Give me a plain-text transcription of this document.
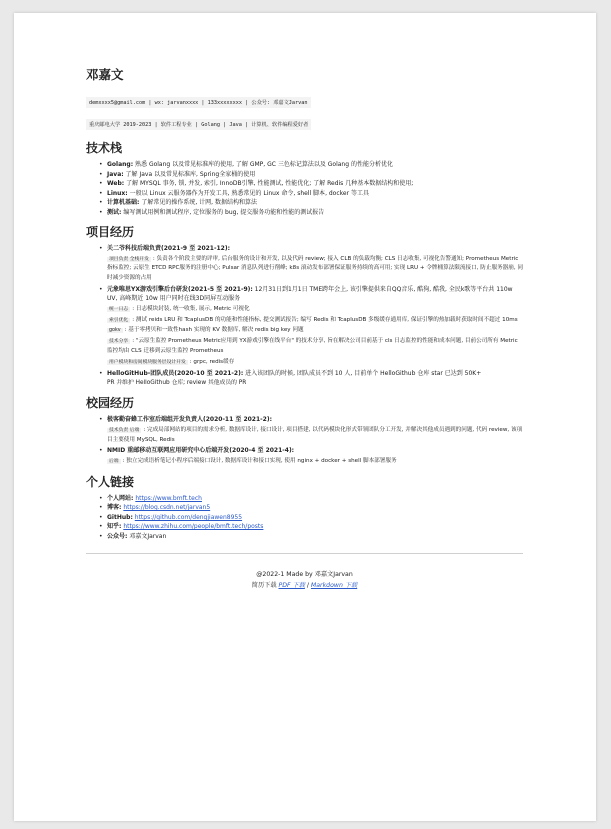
邓嘉文
demxxxx5@gmail.com | wx: jarvanxxxx | 133xxxxxxxx | 公众号: 邓嘉文Jarvan
重庆邮电大学 2019-2023 | 软件工程专业 | Golang | Java | 计算机、软件编程爱好者
技术栈
• Golang: 熟悉 Golang 以及常见标准库的使用, 了解 GMP, GC 三色标记算法以及 Golang 的性能分析优化
• Java: 了解 Java 以及常见标准库, Spring全家桶的使用
• Web: 了解 MYSQL 事务, 锁, 并发, 索引, InnoDB引擎, 性能测试, 性能优化; 了解 Redis 几种基本数据结构和使用;
• Linux: 一般以 Linux 云服务器作为开发工具, 熟悉常见的 Linux 命令, shell 脚本, docker 等工具
• 计算机基础: 了解常见的操作系统, 计网, 数据结构和算法
• 测试: 编写测试用例和测试程序, 定位服务的 bug, 提交服务功能和性能的测试报告
项目经历
• 关二爷科技后端负责(2021-9 至 2021-12):
项目负责 全栈开发 : 负责各个阶段主要的评审, 后台服务的设计和开发, 以及代码 review; 接入 CLB 的负载均衡; CLS 日志收集, 可视化告警通知; Prometheus Metric 指标监控; 云原生 ETCD RPC服务的注册中心; Pulsar 消息队列进行削峰; k8s 滚动发布部署保证服务持续的高可用; 实现 LRU + 令牌桶算法限流接口, 防止服务器崩, 同时减少资源的占用
• 元象唯思YX游戏引擎后台研发(2021-5 至 2021-9): 12月31日到1月1日 TME跨年会上, 该引擎提供来自QQ音乐, 酷狗, 酷我, 全民k歌等平台共 110w UV, 高峰期近 10w 用户同时在线3D同屏互动服务
统一日志 : 日志模块封装, 统一收集, 展示, Metric 可视化
索引优化 : 测试 reids LRU 和 TcaplusDB 的功能和性能指标, 提交测试报告; 编写 Redis 和 TcaplusDB 多级缓存通用库, 保证引擎的热加载时获取时间不超过 10ms
gokv : 基于零拷贝和一致性hash 实现的 KV 数据库, 解决 redis big key 问题
技术分享 : "云原生监控 Prometheus Metric应用到 YX游戏引擎在线平台" 的技术分享, 旨在解决公司目前基于 cls 日志监控的性能和成本问题, 目前公司所有 Metric 监控均由 CLS 迁移到云原生监控 Prometheus
用户模块和房间模块服务层设计开发 : grpc, redis缓存
• HelloGitHub-团队成员(2020-10 至 2021-2): 进入该团队的时候, 团队成员不到 10 人, 目前单个 HelloGithub 仓库 star 已达到 50K+
PR 并维护 HelloGithub 仓库; review 其他成员的 PR
校园经历
• 极客勤奋蜂工作室后端组开发负责人(2020-11 至 2021-2):
技术负责 后端 : 完成局部网站的项目的需求分析, 数据库设计, 接口设计, 项目搭建, 以代码模块化形式带领团队分工开发, 并解决其他成员遇到的问题, 代码 review, 该项目主要使用 MySQL, Redis
• NMID 重邮移动互联网应用研究中心后端开发(2020-4 至 2021-4):
后端 : 独立完成语析笔记小程序后端接口设计, 数据库设计和接口实现, 使用 nginx + docker + shell 脚本部署服务
个人链接
• 个人网站: https://www.bmft.tech
• 博客: https://blog.csdn.net/jarvan5
• GitHub: https://github.com/dengjiawen8955
• 知乎: https://www.zhihu.com/people/bmft.tech/posts
• 公众号: 邓嘉文Jarvan
@2022-1 Made by 邓嘉文Jarvan
简历下载 PDF 下载 / Markdown 下载
